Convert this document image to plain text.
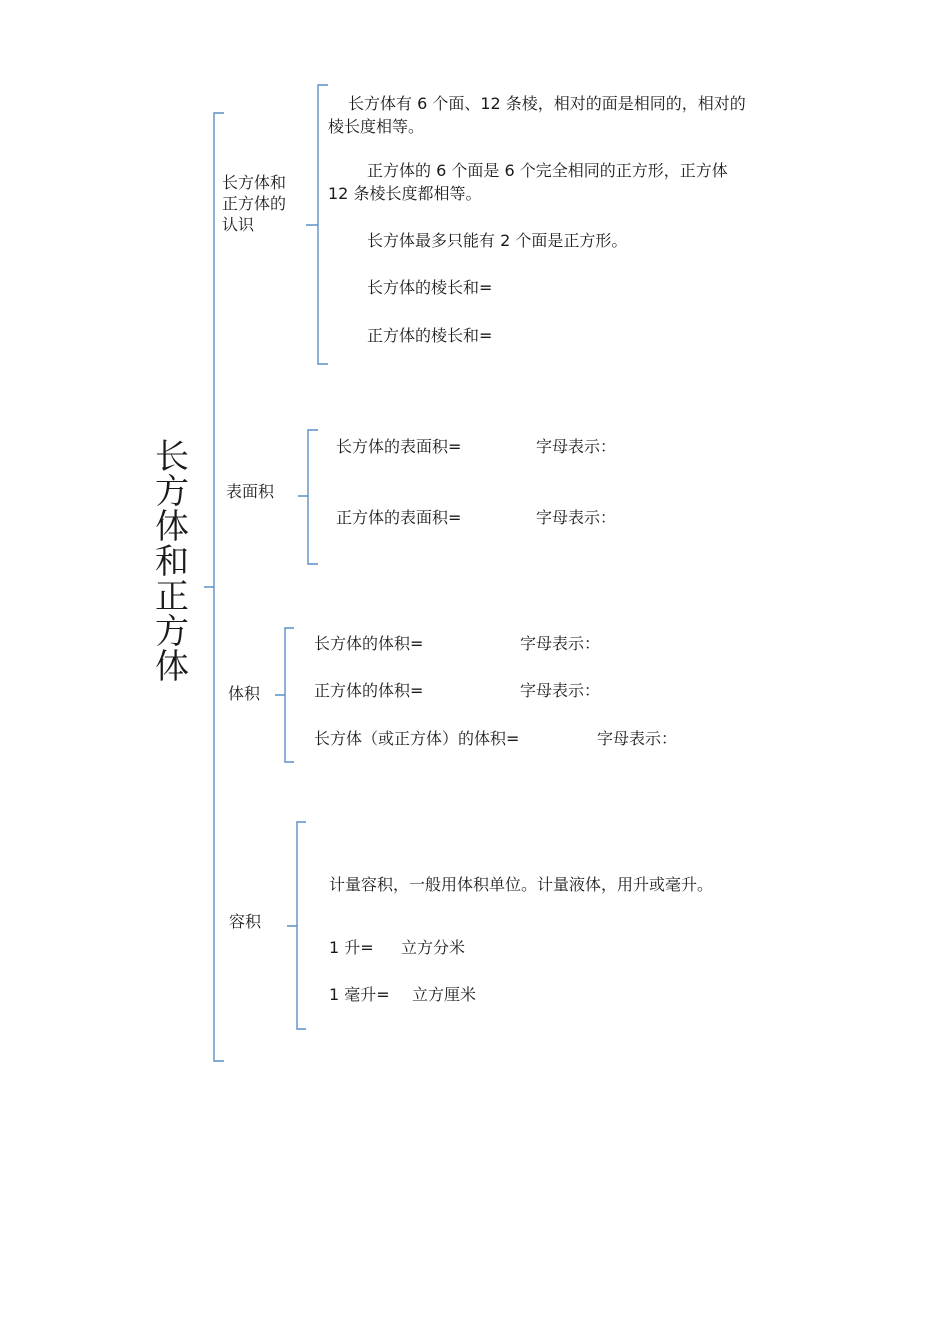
长方体和正方体
长方体和正方体的认识
长方体有 6 个面、12 条棱，相对的面是相同的，相对的棱长度相等。
正方体的 6 个面是 6 个完全相同的正方形，正方体 12 条棱长度都相等。
长方体最多只能有 2 个面是正方形。
长方体的棱长和=
正方体的棱长和=
表面积
长方体的表面积=	字母表示：
正方体的表面积=	字母表示：
体积
长方体的体积=	字母表示：
正方体的体积=	字母表示：
长方体（或正方体）的体积=	字母表示：
容积
计量容积，一般用体积单位。计量液体，用升或毫升。
1 升= 立方分米
1 毫升= 立方厘米
